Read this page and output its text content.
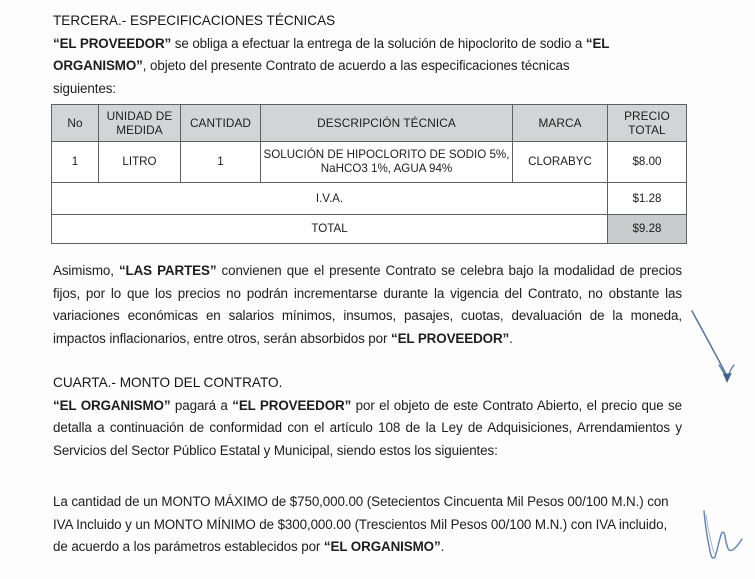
TERCERA.- ESPECIFICACIONES TÉCNICAS
“EL PROVEEDOR” se obliga a efectuar la entrega de la solución de hipoclorito de sodio a “EL
ORGANISMO”, objeto del presente Contrato de acuerdo a las especificaciones técnicas
siguientes:
No	UNIDAD DE MEDIDA	CANTIDAD	DESCRIPCIÓN TÉCNICA	MARCA	PRECIO TOTAL
1	LITRO	1	SOLUCIÓN DE HIPOCLORITO DE SODIO 5%,
NaHCO3 1%, AGUA 94%	CLORABYC	$8.00
I.V.A.					$1.28
TOTAL					$9.28
Asimismo, “LAS PARTES” convienen que el presente Contrato se celebra bajo la modalidad de precios fijos, por lo que los precios no podrán incrementarse durante la vigencia del Contrato, no obstante las variaciones económicas en salarios mínimos, insumos, pasajes, cuotas, devaluación de la moneda, impactos inflacionarios, entre otros, serán absorbidos por “EL PROVEEDOR”.
CUARTA.- MONTO DEL CONTRATO.
“EL ORGANISMO” pagará a “EL PROVEEDOR” por el objeto de este Contrato Abierto, el precio que se detalla a continuación de conformidad con el artículo 108 de la Ley de Adquisiciones, Arrendamientos y Servicios del Sector Público Estatal y Municipal, siendo estos los siguientes:
La cantidad de un MONTO MÁXIMO de $750,000.00 (Setecientos Cincuenta Mil Pesos 00/100 M.N.) con IVA Incluido y un MONTO MÍNIMO de $300,000.00 (Trescientos Mil Pesos 00/100 M.N.) con IVA incluido, de acuerdo a los parámetros establecidos por “EL ORGANISMO”.
